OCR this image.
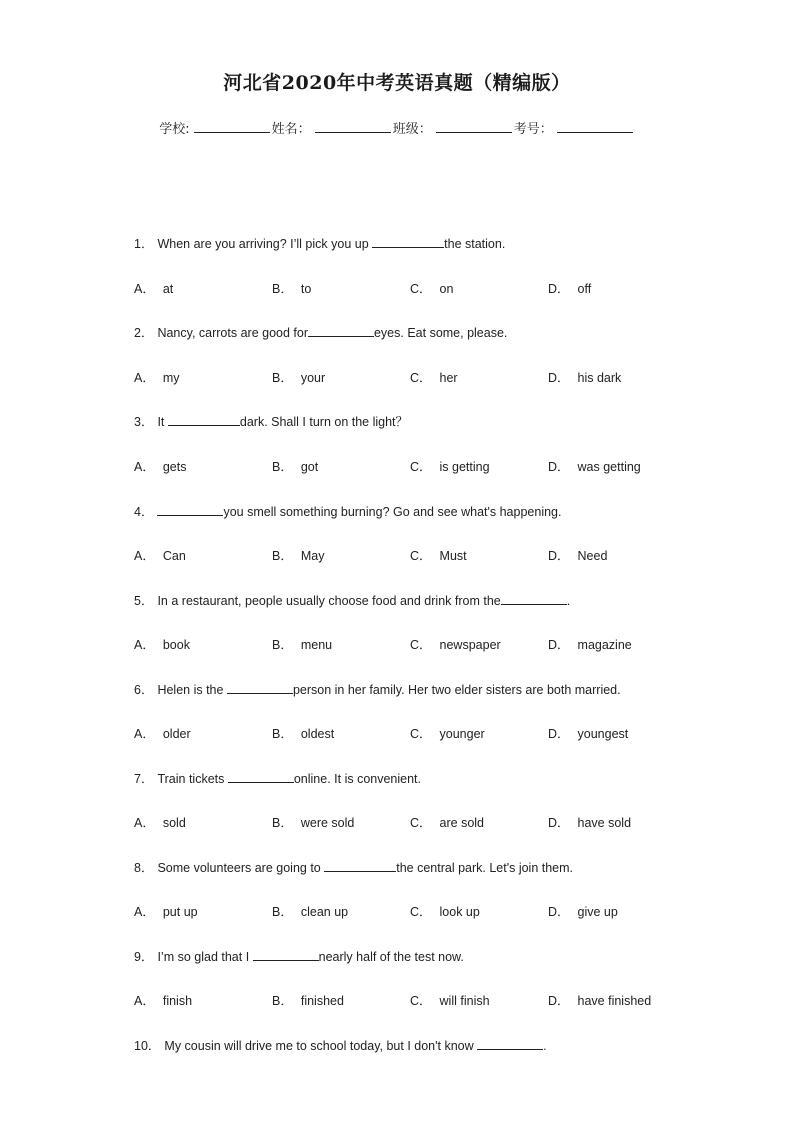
河北省2020年中考英语真题（精编版）
学校:	姓名：	班级：	考号：
1． When are you arriving? I’ll pick you up	the station.
A． at	B． to	C． on	D． off
2． Nancy, carrots are good for	eyes. Eat some, please.
A． my	B． your	C． her	D． his dark
3． It	dark. Shall I turn on the light？
A． gets	B． got	C． is getting	D． was getting
4．	you smell something burning? Go and see what's happening.
A． Can	B． May	C． Must	D． Need
5． In a restaurant, people usually choose food and drink from the	.
A． book	B． menu	C． newspaper	D． magazine
6． Helen is the	person in her family. Her two elder sisters are both married.
A． older	B． oldest	C． younger	D． youngest
7． Train tickets	online. It is convenient.
A． sold	B． were sold	C． are sold	D． have sold
8． Some volunteers are going to	the central park. Let's join them.
A． put up	B． clean up	C． look up	D． give up
9． I’m so glad that I	nearly half of the test now.
A． finish	B． finished	C． will finish	D． have finished
10． My cousin will drive me to school today, but I don't know	.
